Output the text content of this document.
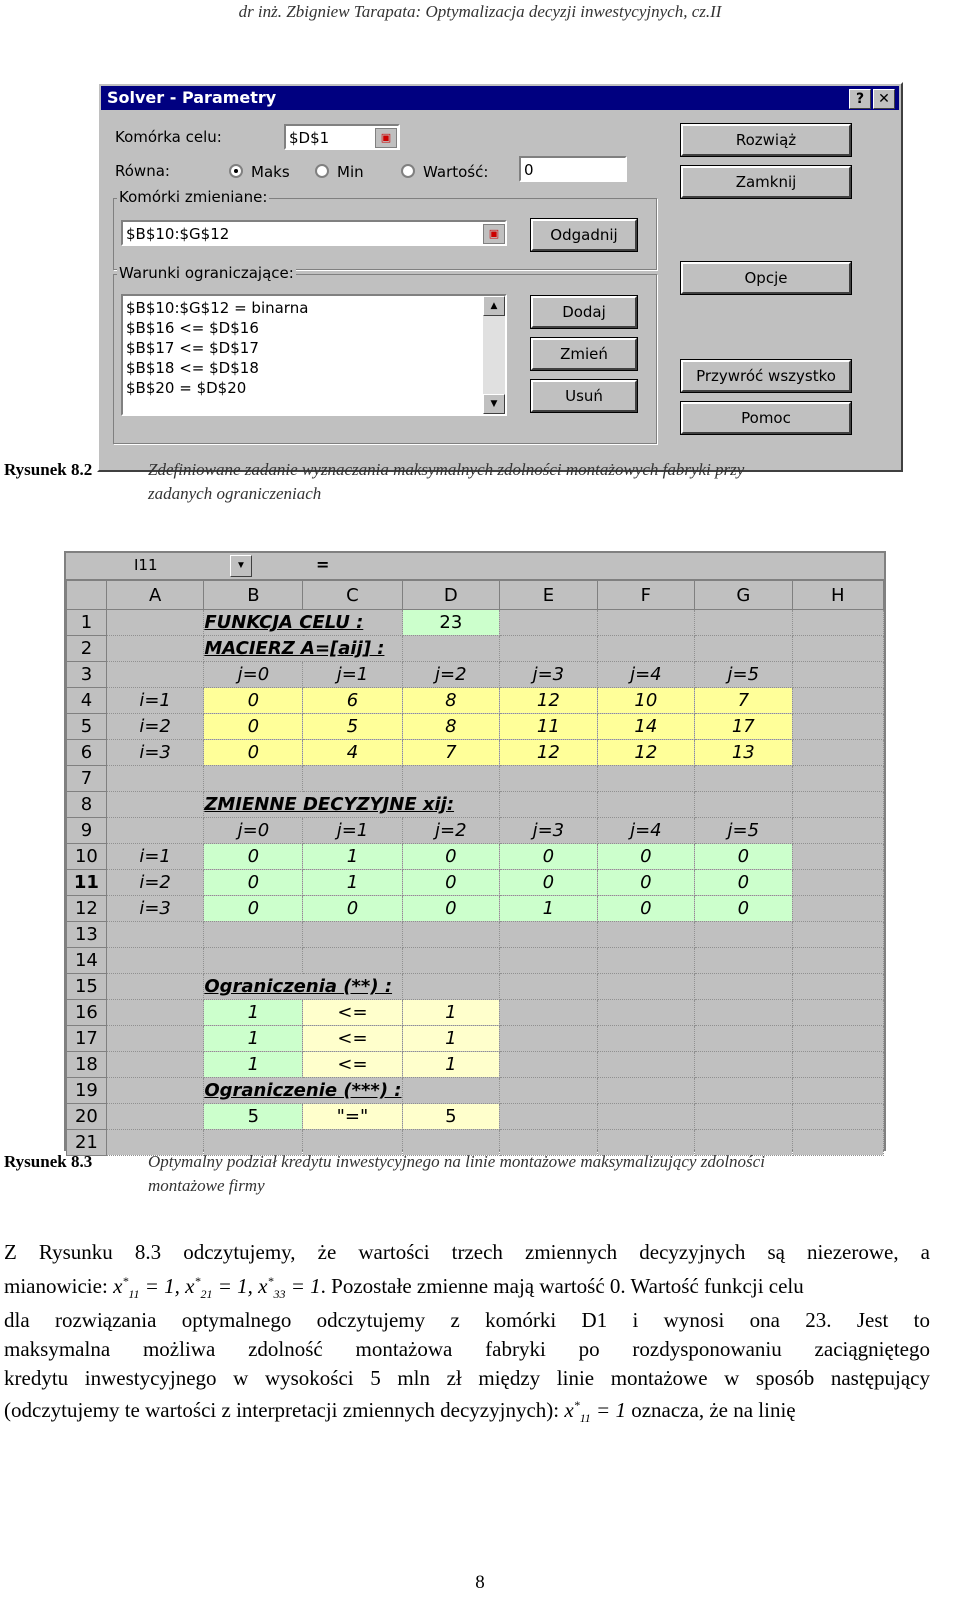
dr inż. Zbigniew Tarapata: Optymalizacja decyzji inwestycyjnych, cz.II
Solver - Parametry	?	✕
Komórka celu:	$D$1	▣
Równa:	Maks	Min	Wartość:	0
Komórki zmieniane:
$B$10:$G$12	▣	Odgadnij
Warunki ograniczające:
$B$10:$G$12 = binarna
$B$16 <= $D$16
$B$17 <= $D$17
$B$18 <= $D$18
$B$20 = $D$20
▲
▼
Dodaj
Zmień
Usuń
Rozwiąż
Zamknij
Opcje
Przywróć wszystko
Pomoc
Rysunek 8.2	Zdefiniowane zadanie wyznaczania maksymalnych zdolności montażowych fabryki przy
zadanych ograniczeniach
I11	▼	=
	A	B	C	D	E	F	G	H
1		FUNKCJA CELU :		23				
2		MACIERZ A=[aij] :						
3		j=0	j=1	j=2	j=3	j=4	j=5	
4	i=1	0	6	8	12	10	7	
5	i=2	0	5	8	11	14	17	
6	i=3	0	4	7	12	12	13	
7								
8		ZMIENNE DECYZYJNE xij:						
9		j=0	j=1	j=2	j=3	j=4	j=5	
10	i=1	0	1	0	0	0	0	
11	i=2	0	1	0	0	0	0	
12	i=3	0	0	0	1	0	0	
13								
14								
15		Ograniczenia (**) :						
16		1	<=	1				
17		1	<=	1				
18		1	<=	1				
19		Ograniczenie (***) :						
20		5	"="	5				
21								
Rysunek 8.3	Optymalny podział kredytu inwestycyjnego na linie montażowe maksymalizujący zdolności
montażowe firmy
Z Rysunku 8.3 odczytujemy, że wartości trzech zmiennych decyzyjnych są niezerowe, a
mianowicie: $x^*_{11} = 1$, $x^*_{21} = 1$, $x^*_{33} = 1$. Pozostałe zmienne mają wartość 0. Wartość funkcji celu
dla rozwiązania optymalnego odczytujemy z komórki D1 i wynosi ona 23. Jest to
maksymalna możliwa zdolność montażowa fabryki po rozdysponowaniu zaciągniętego
kredytu inwestycyjnego w wysokości 5 mln zł między linie montażowe w sposób następujący
(odczytujemy te wartości z interpretacji zmiennych decyzyjnych): $x^*_{11} = 1$ oznacza, że na linię
8
